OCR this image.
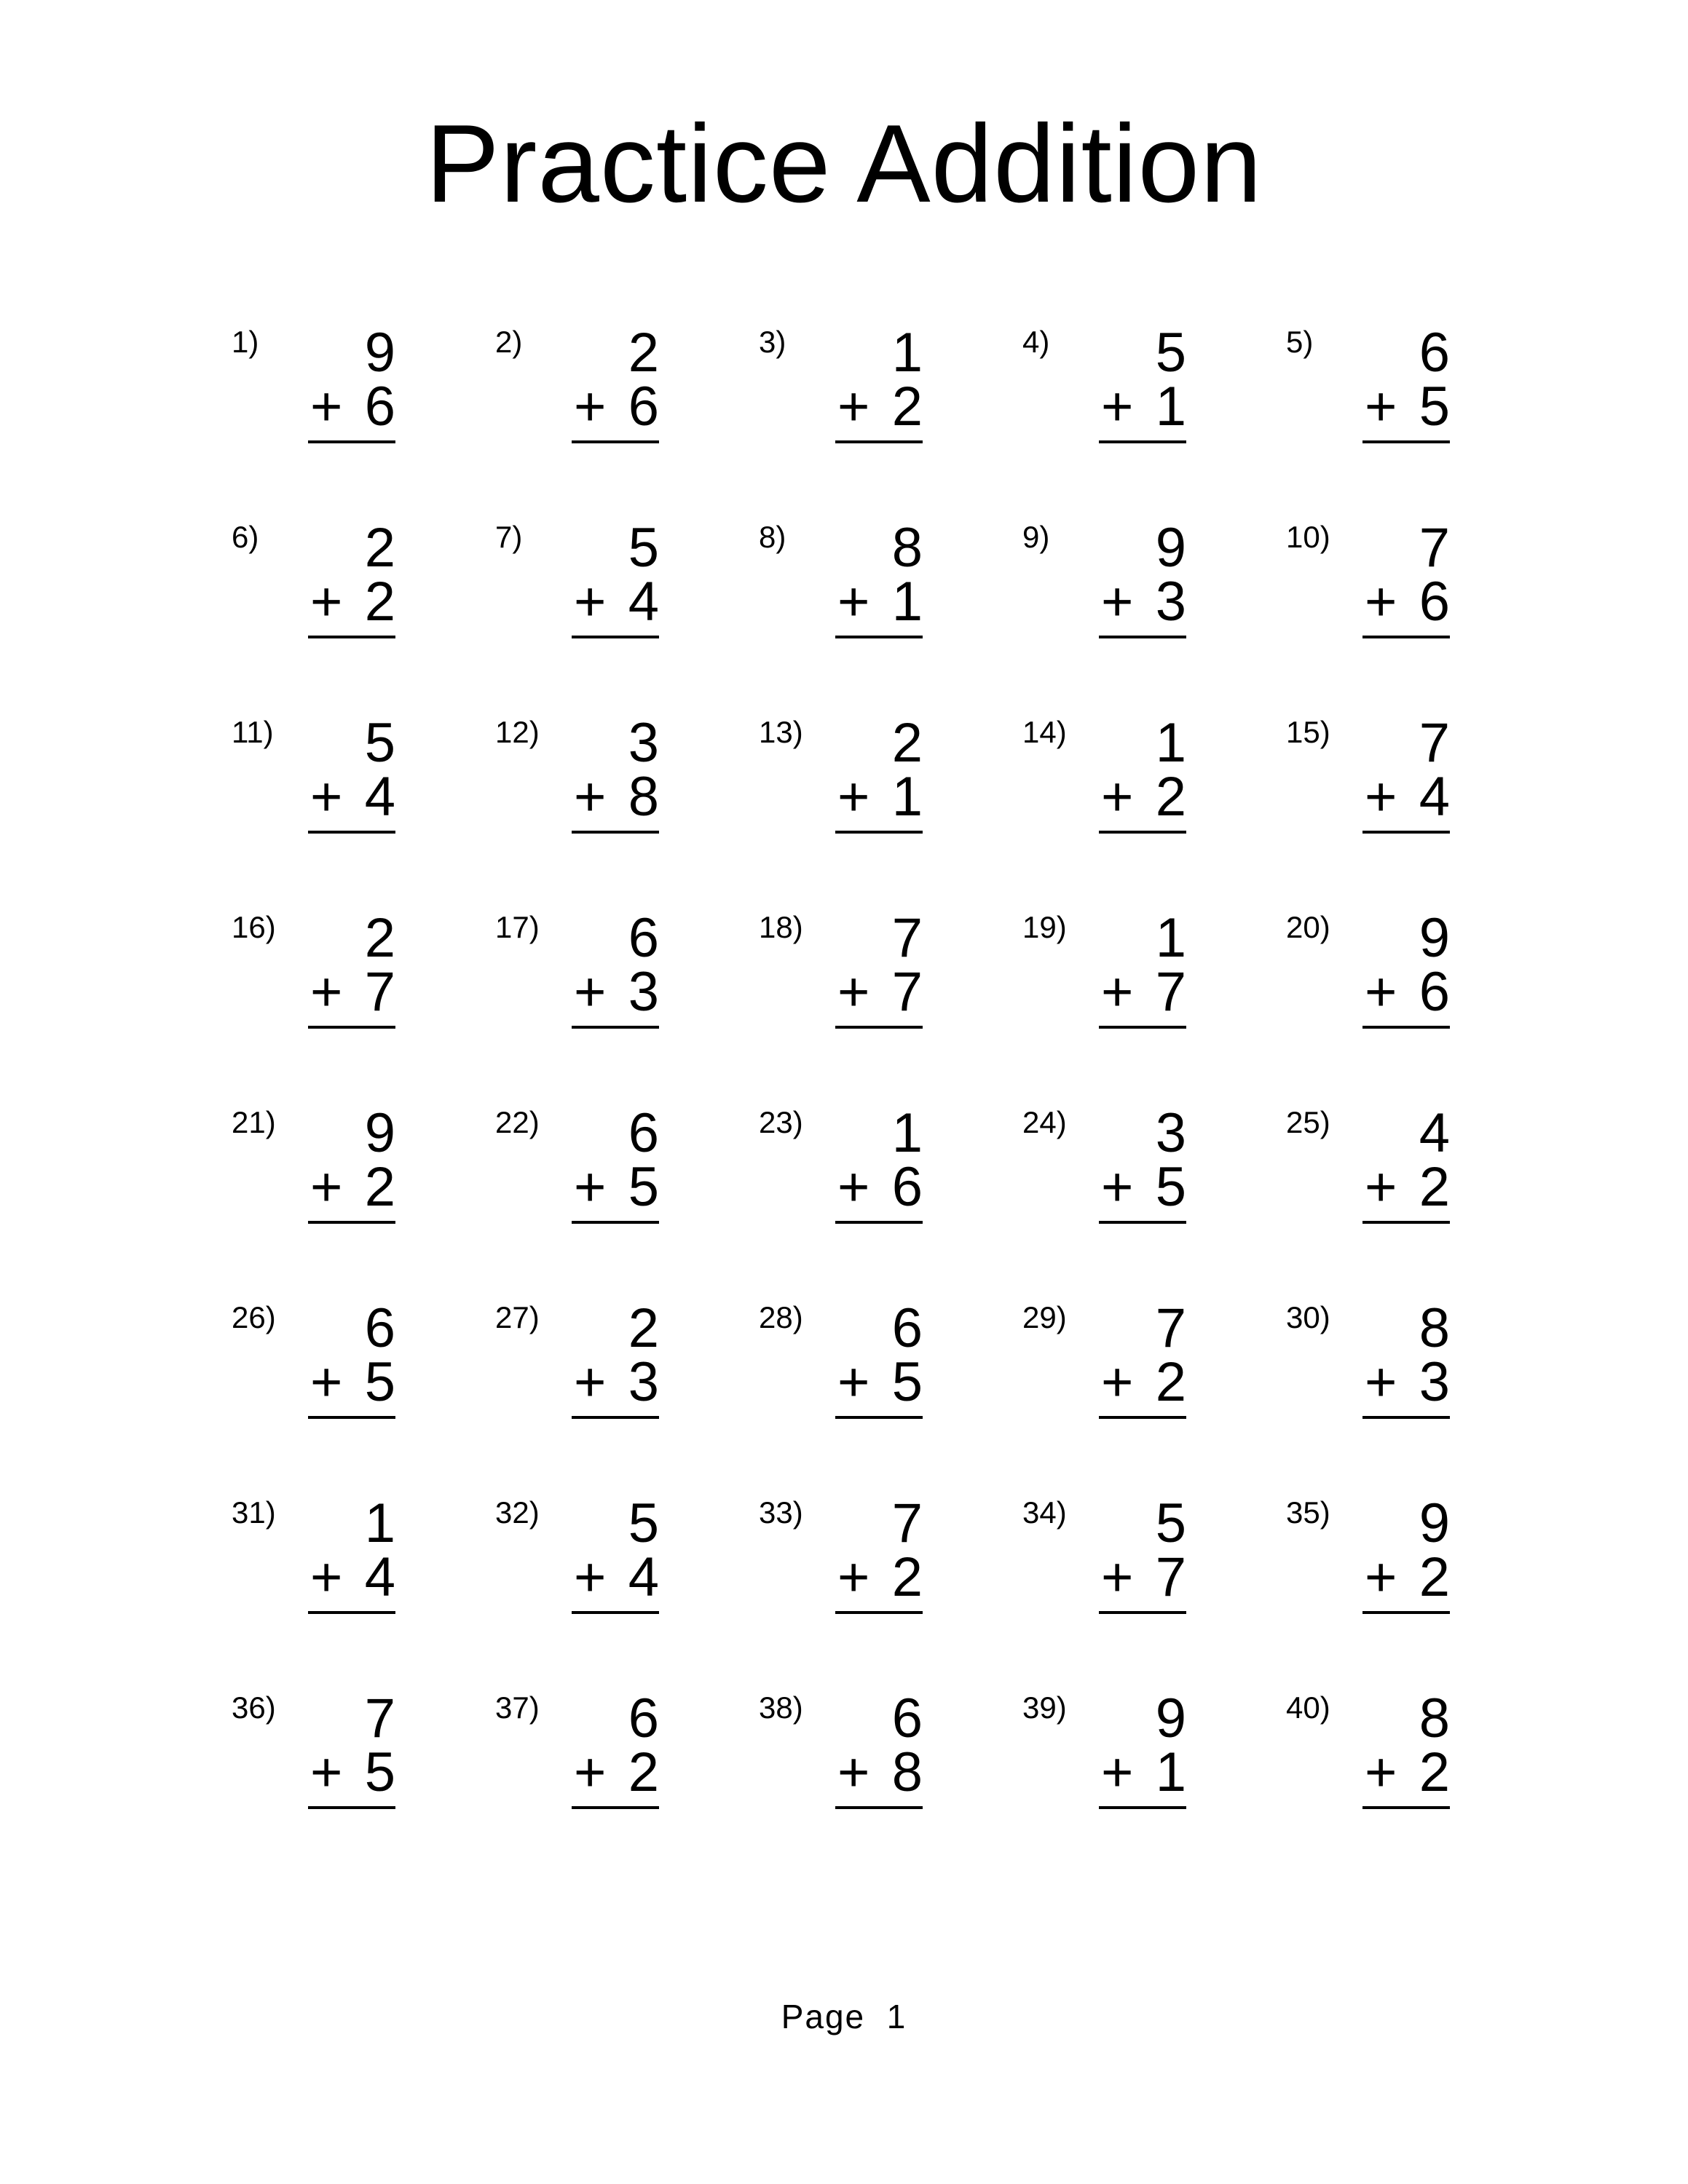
Practice Addition
1)	9
+ 6
2)	2
+ 6
3)	1
+ 2
4)	5
+ 1
5)	6
+ 5
6)	2
+ 2
7)	5
+ 4
8)	8
+ 1
9)	9
+ 3
10)	7
+ 6
11)	5
+ 4
12)	3
+ 8
13)	2
+ 1
14)	1
+ 2
15)	7
+ 4
16)	2
+ 7
17)	6
+ 3
18)	7
+ 7
19)	1
+ 7
20)	9
+ 6
21)	9
+ 2
22)	6
+ 5
23)	1
+ 6
24)	3
+ 5
25)	4
+ 2
26)	6
+ 5
27)	2
+ 3
28)	6
+ 5
29)	7
+ 2
30)	8
+ 3
31)	1
+ 4
32)	5
+ 4
33)	7
+ 2
34)	5
+ 7
35)	9
+ 2
36)	7
+ 5
37)	6
+ 2
38)	6
+ 8
39)	9
+ 1
40)	8
+ 2
Page 1
